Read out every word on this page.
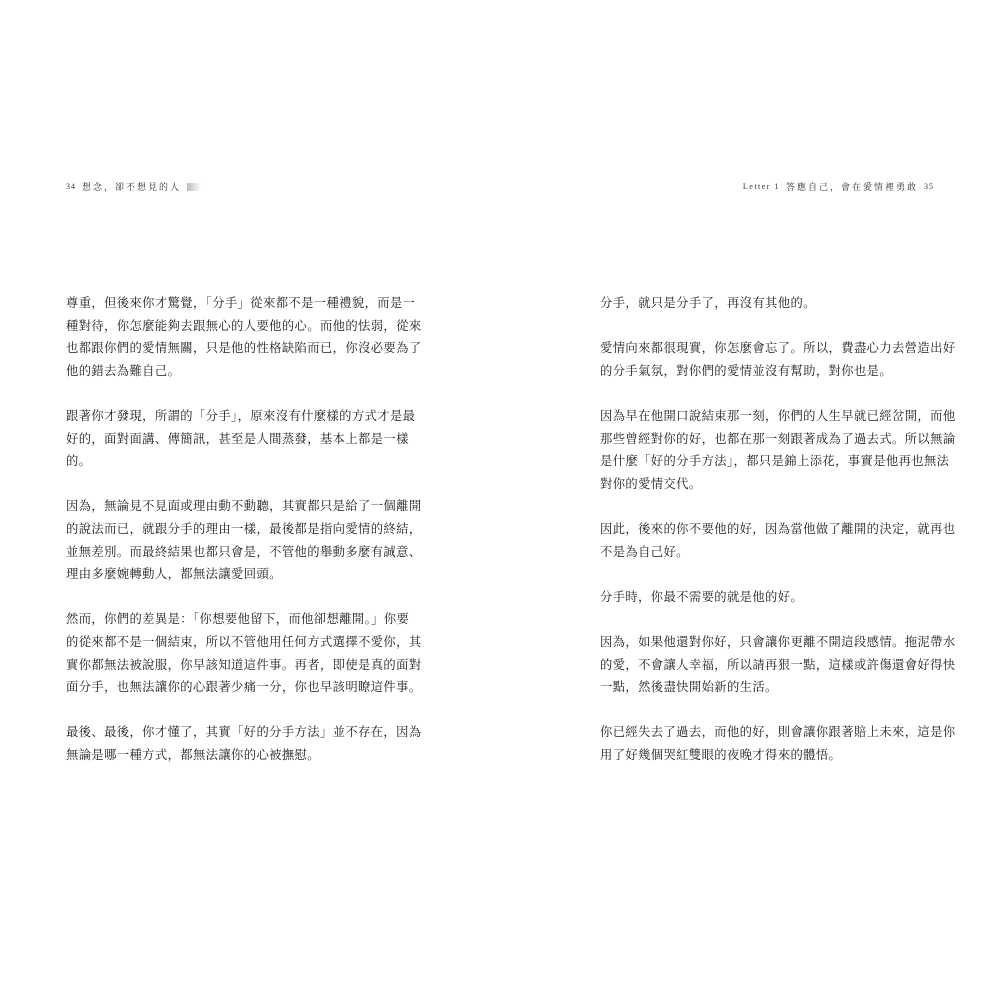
34 想念，卻不想見的人

尊重，但後來你才驚覺，「分手」從來都不是一種禮貌，而是一
種對待，你怎麼能夠去跟無心的人要他的心。而他的怯弱，從來
也都跟你們的愛情無關，只是他的性格缺陷而已，你沒必要為了
他的錯去為難自己。

跟著你才發現，所謂的「分手」，原來沒有什麼樣的方式才是最
好的，面對面講、傳簡訊，甚至是人間蒸發，基本上都是一樣
的。

因為，無論見不見面或理由動不動聽，其實都只是給了一個離開
的說法而已，就跟分手的理由一樣，最後都是指向愛情的終結，
並無差別。而最終結果也都只會是，不管他的舉動多麼有誠意、
理由多麼婉轉動人，都無法讓愛回頭。

然而，你們的差異是：「你想要他留下，而他卻想離開。」你要
的從來都不是一個結束，所以不管他用任何方式選擇不愛你，其
實你都無法被說服，你早該知道這件事。再者，即使是真的面對
面分手，也無法讓你的心跟著少痛一分，你也早該明瞭這件事。

最後、最後，你才懂了，其實「好的分手方法」並不存在，因為
無論是哪一種方式，都無法讓你的心被撫慰。

Letter 1 答應自己，會在愛情裡勇敢 35

分手，就只是分手了，再沒有其他的。

愛情向來都很現實，你怎麼會忘了。所以，費盡心力去營造出好
的分手氣氛，對你們的愛情並沒有幫助，對你也是。

因為早在他開口說結束那一刻，你們的人生早就已經岔開，而他
那些曾經對你的好，也都在那一刻跟著成為了過去式。所以無論
是什麼「好的分手方法」，都只是錦上添花，事實是他再也無法
對你的愛情交代。

因此，後來的你不要他的好，因為當他做了離開的決定，就再也
不是為自己好。

分手時，你最不需要的就是他的好。

因為，如果他還對你好，只會讓你更離不開這段感情。拖泥帶水
的愛，不會讓人幸福，所以請再狠一點，這樣或許傷還會好得快
一點，然後盡快開始新的生活。

你已經失去了過去，而他的好，則會讓你跟著賠上未來，這是你
用了好幾個哭紅雙眼的夜晚才得來的體悟。
